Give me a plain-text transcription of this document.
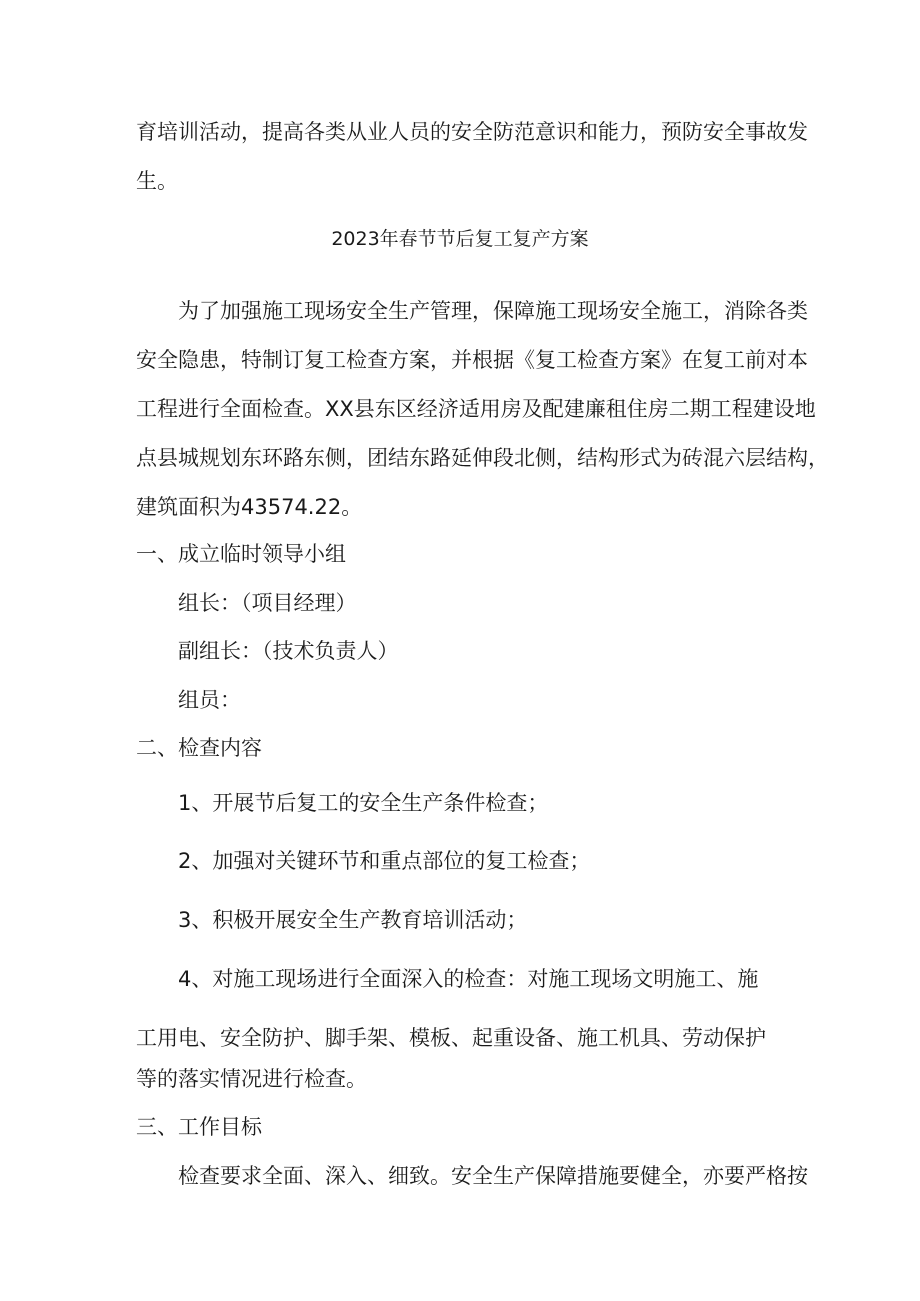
育培训活动，提高各类从业人员的安全防范意识和能力，预防安全事故发
生。
2023年春节节后复工复产方案
为了加强施工现场安全生产管理，保障施工现场安全施工，消除各类
安全隐患，特制订复工检查方案，并根据《复工检查方案》在复工前对本
工程进行全面检查。XX县东区经济适用房及配建廉租住房二期工程建设地
点县城规划东环路东侧，团结东路延伸段北侧，结构形式为砖混六层结构，
建筑面积为43574.22。
一、成立临时领导小组
组长：（项目经理）
副组长：（技术负责人）
组员：
二、检查内容
1、开展节后复工的安全生产条件检查；
2、加强对关键环节和重点部位的复工检查；
3、积极开展安全生产教育培训活动；
4、对施工现场进行全面深入的检查：对施工现场文明施工、施
工用电、安全防护、脚手架、模板、起重设备、施工机具、劳动保护
等的落实情况进行检查。
三、工作目标
检查要求全面、深入、细致。安全生产保障措施要健全，亦要严格按
